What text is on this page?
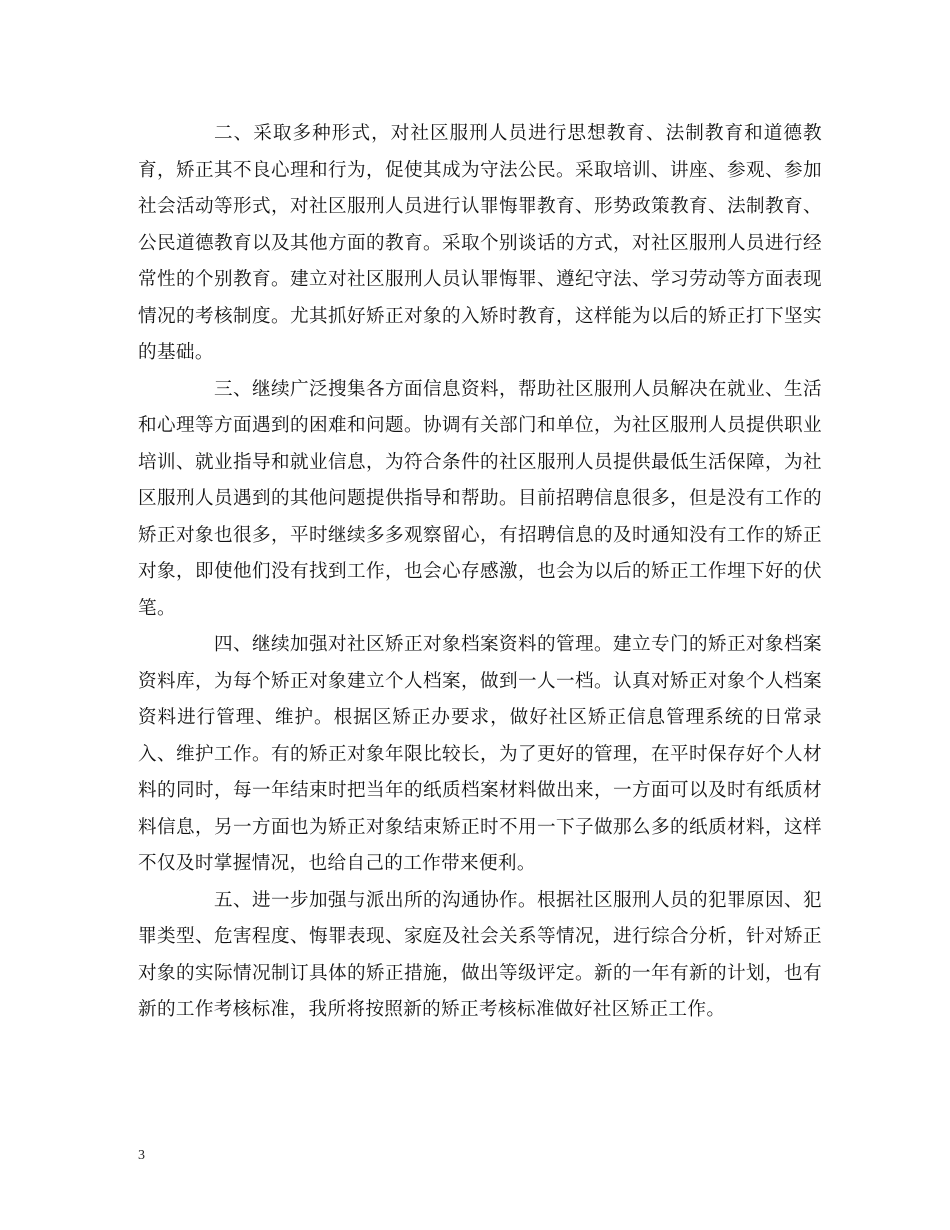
二、采取多种形式，对社区服刑人员进行思想教育、法制教育和道德教育，矫正其不良心理和行为，促使其成为守法公民。采取培训、讲座、参观、参加社会活动等形式，对社区服刑人员进行认罪悔罪教育、形势政策教育、法制教育、公民道德教育以及其他方面的教育。采取个别谈话的方式，对社区服刑人员进行经常性的个别教育。建立对社区服刑人员认罪悔罪、遵纪守法、学习劳动等方面表现情况的考核制度。尤其抓好矫正对象的入矫时教育，这样能为以后的矫正打下坚实的基础。

三、继续广泛搜集各方面信息资料，帮助社区服刑人员解决在就业、生活和心理等方面遇到的困难和问题。协调有关部门和单位，为社区服刑人员提供职业培训、就业指导和就业信息，为符合条件的社区服刑人员提供最低生活保障，为社区服刑人员遇到的其他问题提供指导和帮助。目前招聘信息很多，但是没有工作的矫正对象也很多，平时继续多多观察留心，有招聘信息的及时通知没有工作的矫正对象，即使他们没有找到工作，也会心存感激，也会为以后的矫正工作埋下好的伏笔。

四、继续加强对社区矫正对象档案资料的管理。建立专门的矫正对象档案资料库，为每个矫正对象建立个人档案，做到一人一档。认真对矫正对象个人档案资料进行管理、维护。根据区矫正办要求，做好社区矫正信息管理系统的日常录入、维护工作。有的矫正对象年限比较长，为了更好的管理，在平时保存好个人材料的同时，每一年结束时把当年的纸质档案材料做出来，一方面可以及时有纸质材料信息，另一方面也为矫正对象结束矫正时不用一下子做那么多的纸质材料，这样不仅及时掌握情况，也给自己的工作带来便利。

五、进一步加强与派出所的沟通协作。根据社区服刑人员的犯罪原因、犯罪类型、危害程度、悔罪表现、家庭及社会关系等情况，进行综合分析，针对矫正对象的实际情况制订具体的矫正措施，做出等级评定。新的一年有新的计划，也有新的工作考核标准，我所将按照新的矫正考核标准做好社区矫正工作。

3
